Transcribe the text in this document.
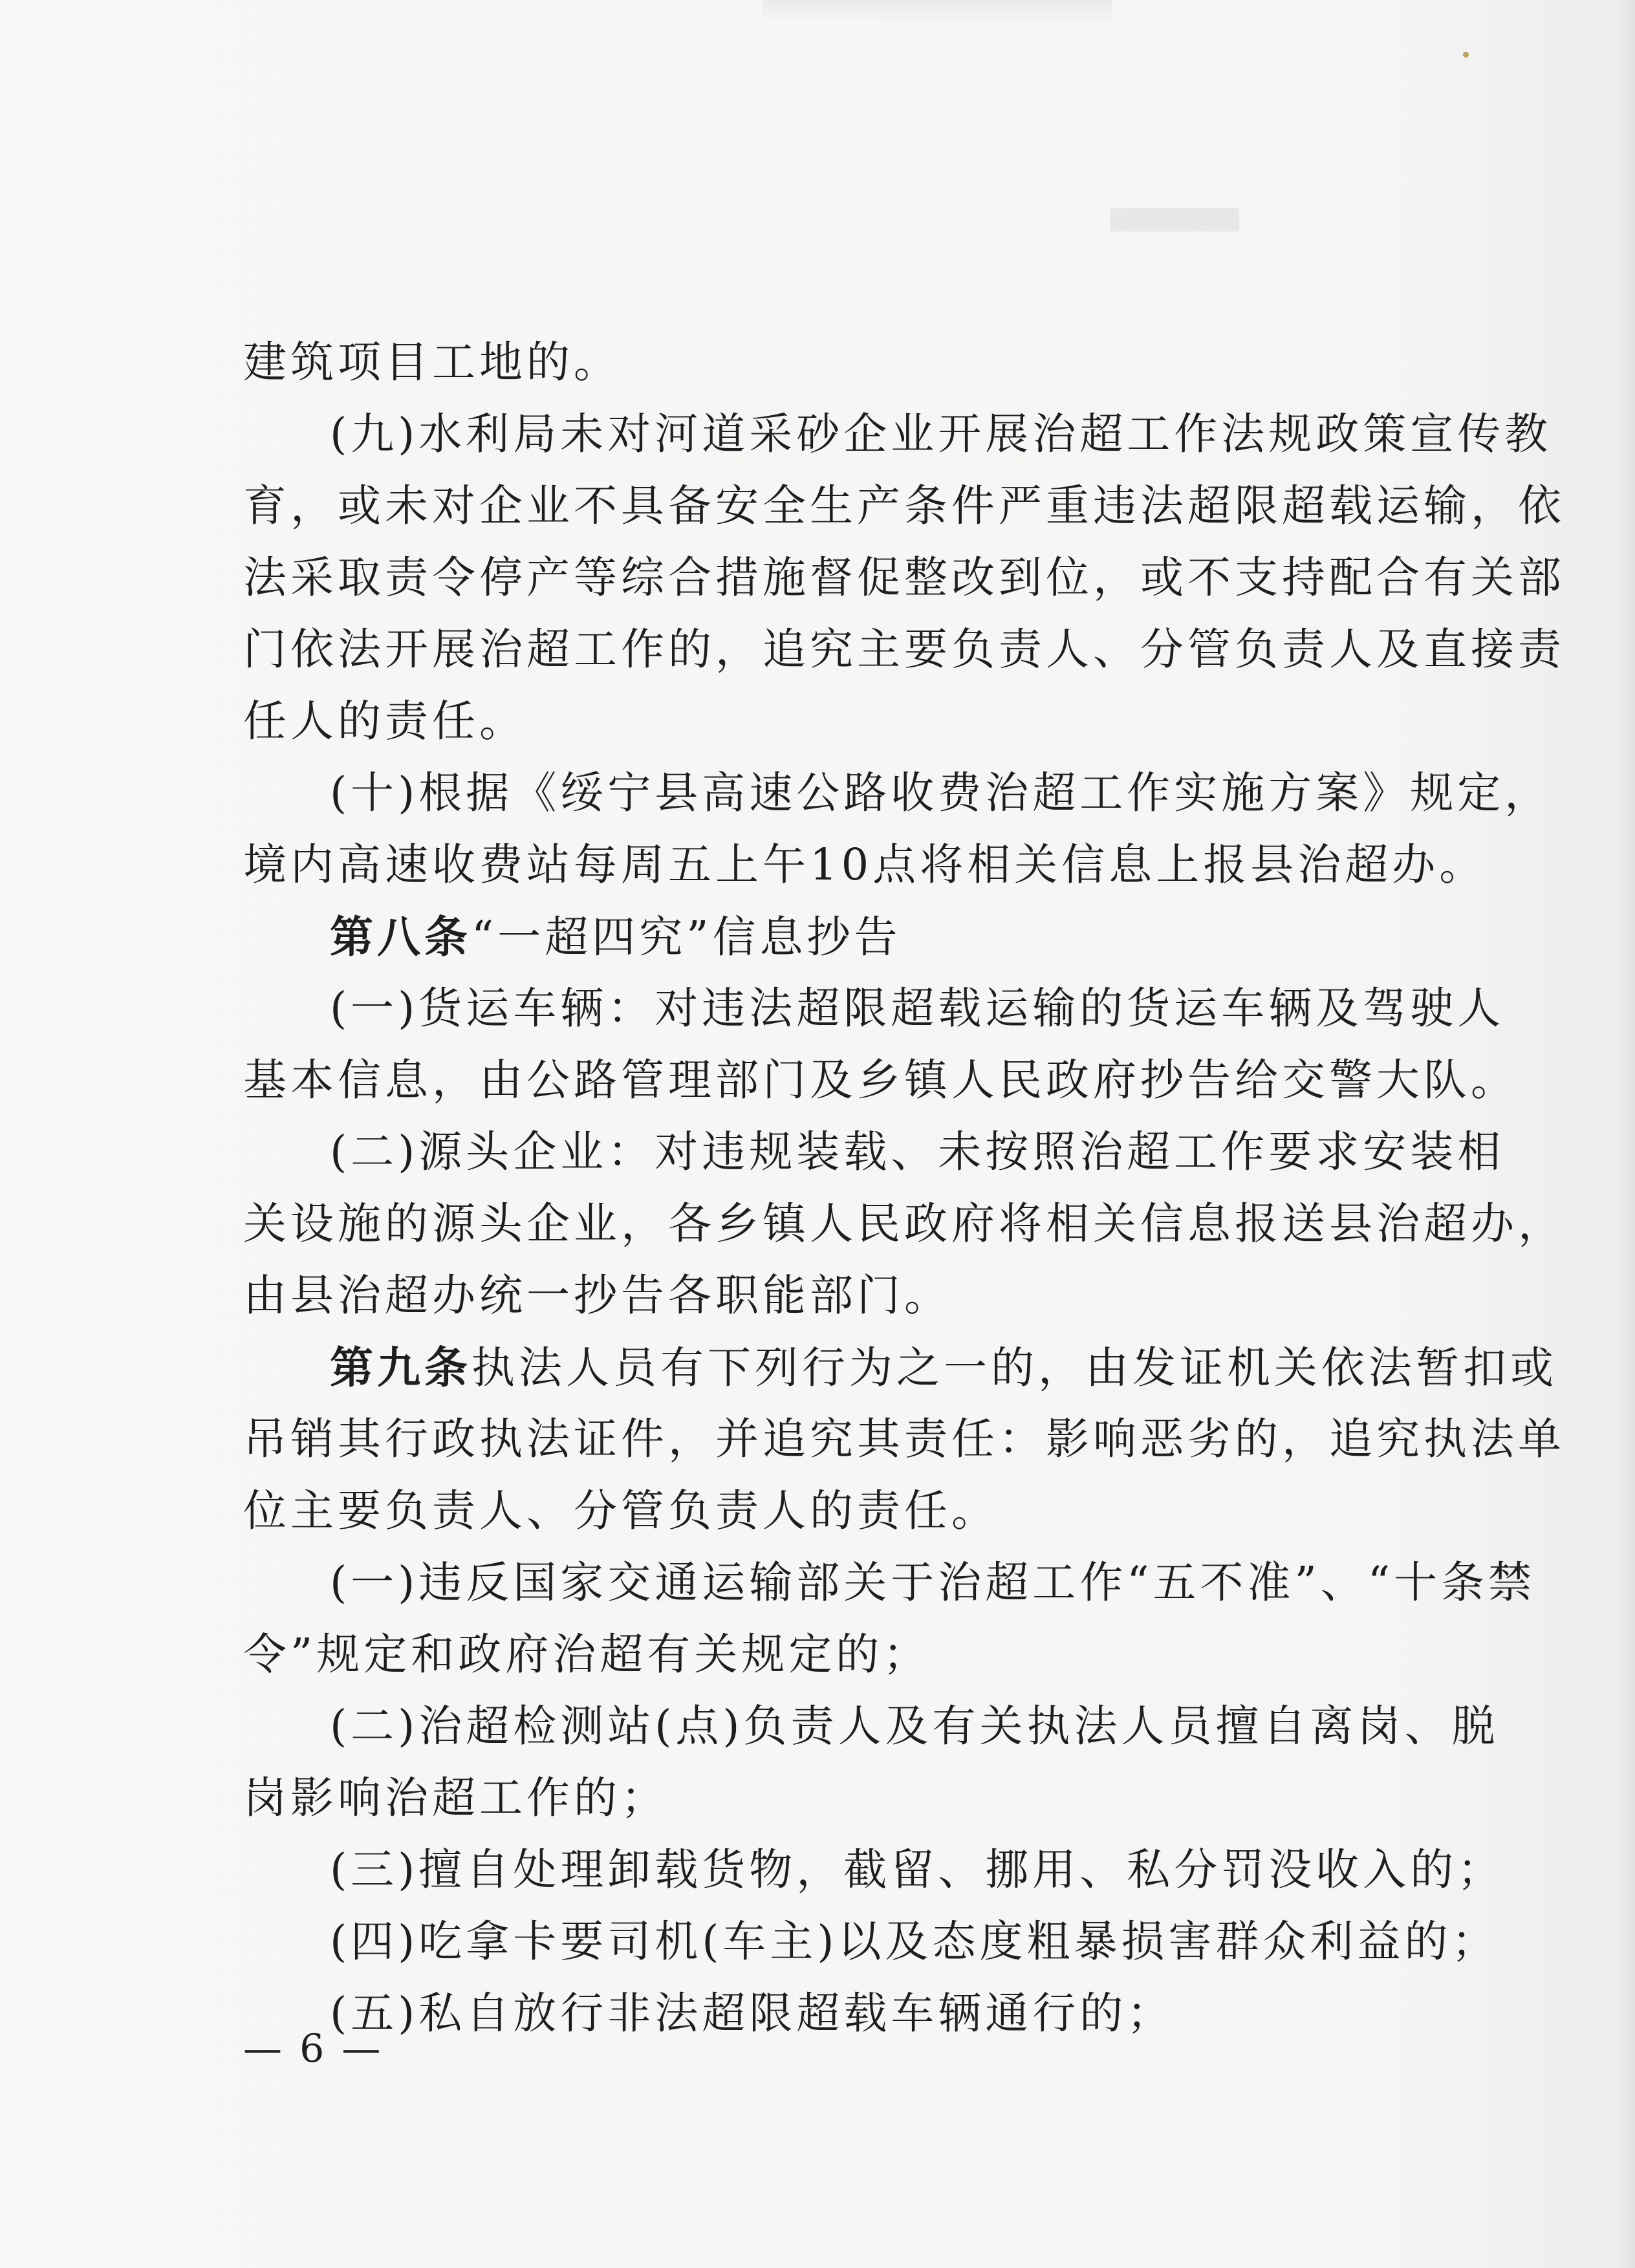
建筑项目工地的。
(九)水利局未对河道采砂企业开展治超工作法规政策宣传教
育，或未对企业不具备安全生产条件严重违法超限超载运输，依
法采取责令停产等综合措施督促整改到位，或不支持配合有关部
门依法开展治超工作的，追究主要负责人、分管负责人及直接责
任人的责任。
(十)根据《绥宁县高速公路收费治超工作实施方案》规定，
境内高速收费站每周五上午10点将相关信息上报县治超办。
第八条“一超四究”信息抄告
(一)货运车辆：对违法超限超载运输的货运车辆及驾驶人
基本信息，由公路管理部门及乡镇人民政府抄告给交警大队。
(二)源头企业：对违规装载、未按照治超工作要求安装相
关设施的源头企业，各乡镇人民政府将相关信息报送县治超办，
由县治超办统一抄告各职能部门。
第九条执法人员有下列行为之一的，由发证机关依法暂扣或
吊销其行政执法证件，并追究其责任：影响恶劣的，追究执法单
位主要负责人、分管负责人的责任。
(一)违反国家交通运输部关于治超工作“五不准”、“十条禁
令”规定和政府治超有关规定的；
(二)治超检测站(点)负责人及有关执法人员擅自离岗、脱
岗影响治超工作的；
(三)擅自处理卸载货物，截留、挪用、私分罚没收入的；
(四)吃拿卡要司机(车主)以及态度粗暴损害群众利益的；
(五)私自放行非法超限超载车辆通行的；
— 6 —
